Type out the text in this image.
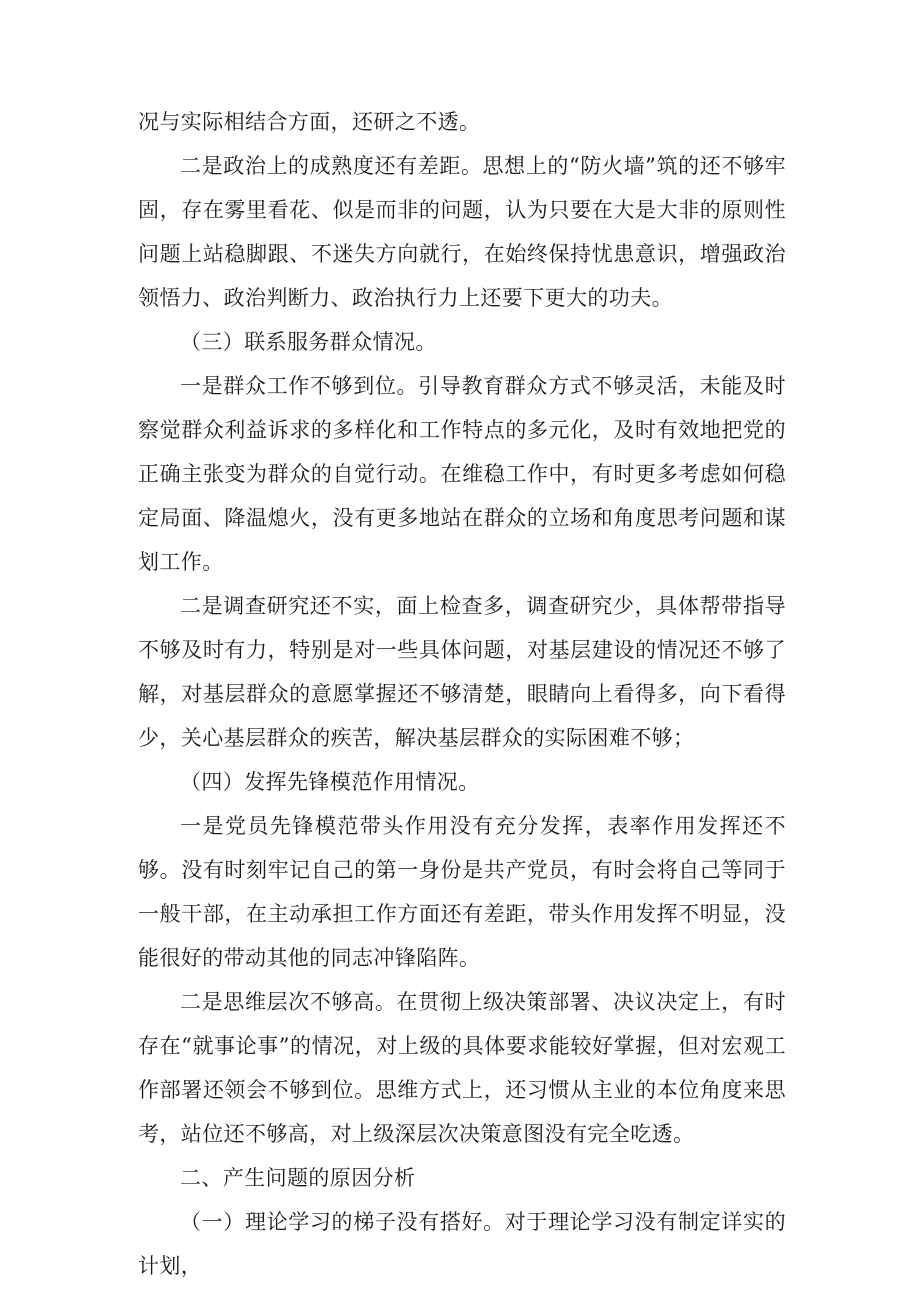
况与实际相结合方面，还研之不透。

二是政治上的成熟度还有差距。思想上的“防火墙”筑的还不够牢固，存在雾里看花、似是而非的问题，认为只要在大是大非的原则性问题上站稳脚跟、不迷失方向就行，在始终保持忧患意识，增强政治领悟力、政治判断力、政治执行力上还要下更大的功夫。

（三）联系服务群众情况。

一是群众工作不够到位。引导教育群众方式不够灵活，未能及时察觉群众利益诉求的多样化和工作特点的多元化，及时有效地把党的正确主张变为群众的自觉行动。在维稳工作中，有时更多考虑如何稳定局面、降温熄火，没有更多地站在群众的立场和角度思考问题和谋划工作。

二是调查研究还不实，面上检查多，调查研究少，具体帮带指导不够及时有力，特别是对一些具体问题，对基层建设的情况还不够了解，对基层群众的意愿掌握还不够清楚，眼睛向上看得多，向下看得少，关心基层群众的疾苦，解决基层群众的实际困难不够；

（四）发挥先锋模范作用情况。

一是党员先锋模范带头作用没有充分发挥，表率作用发挥还不够。没有时刻牢记自己的第一身份是共产党员，有时会将自己等同于一般干部，在主动承担工作方面还有差距，带头作用发挥不明显，没能很好的带动其他的同志冲锋陷阵。

二是思维层次不够高。在贯彻上级决策部署、决议决定上，有时存在“就事论事”的情况，对上级的具体要求能较好掌握，但对宏观工作部署还领会不够到位。思维方式上，还习惯从主业的本位角度来思考，站位还不够高，对上级深层次决策意图没有完全吃透。

二、产生问题的原因分析

（一）理论学习的梯子没有搭好。对于理论学习没有制定详实的计划，
